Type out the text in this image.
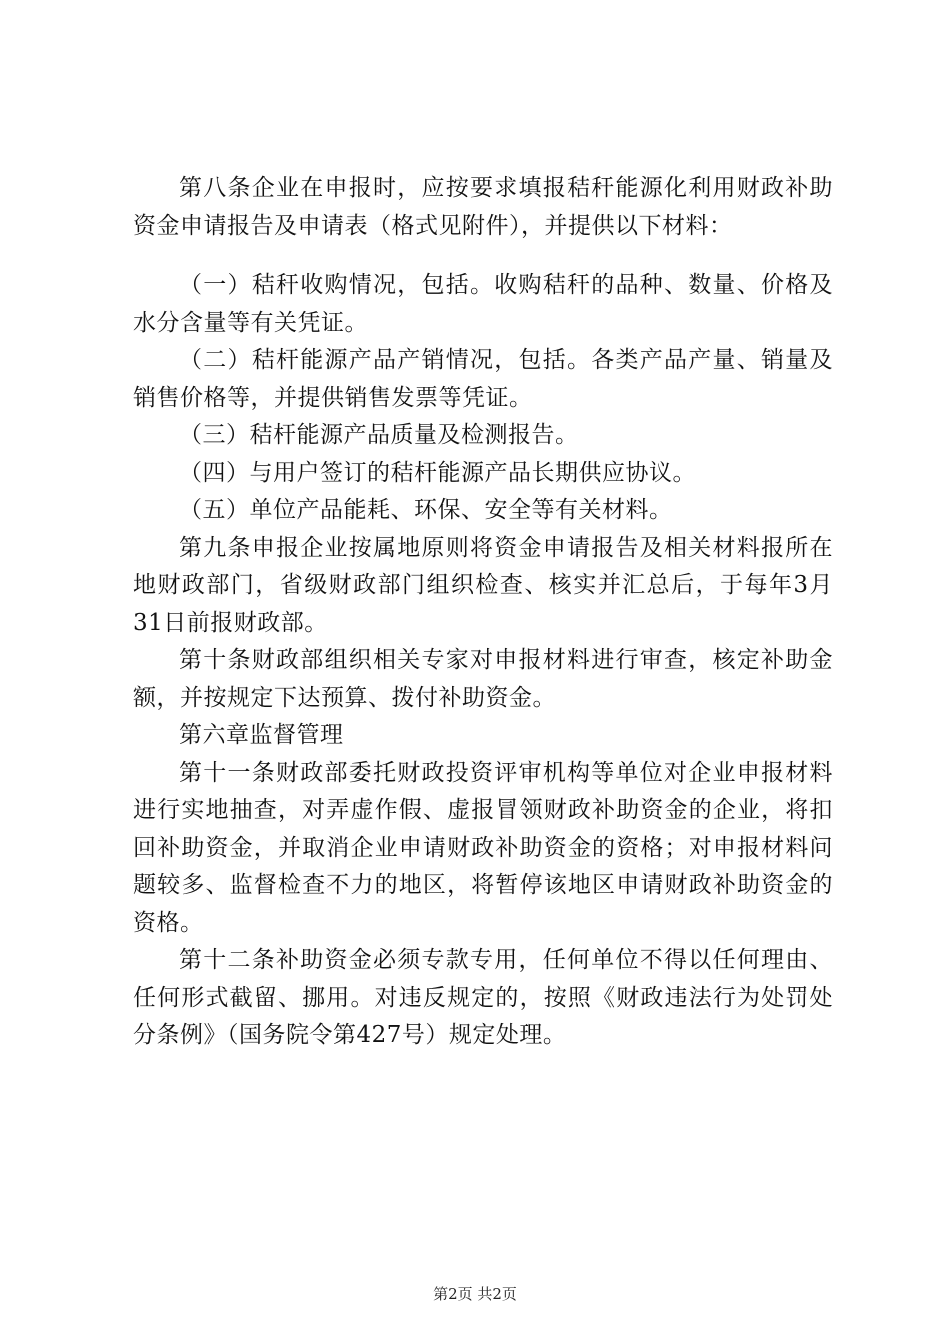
第八条企业在申报时，应按要求填报秸秆能源化利用财政补助资金申请报告及申请表（格式见附件），并提供以下材料：

（一）秸秆收购情况，包括。收购秸秆的品种、数量、价格及水分含量等有关凭证。

（二）秸杆能源产品产销情况，包括。各类产品产量、销量及销售价格等，并提供销售发票等凭证。

（三）秸杆能源产品质量及检测报告。

（四）与用户签订的秸杆能源产品长期供应协议。

（五）单位产品能耗、环保、安全等有关材料。

第九条申报企业按属地原则将资金申请报告及相关材料报所在地财政部门，省级财政部门组织检查、核实并汇总后，于每年3月31日前报财政部。

第十条财政部组织相关专家对申报材料进行审查，核定补助金额，并按规定下达预算、拨付补助资金。

第六章监督管理

第十一条财政部委托财政投资评审机构等单位对企业申报材料进行实地抽查，对弄虚作假、虚报冒领财政补助资金的企业，将扣回补助资金，并取消企业申请财政补助资金的资格；对申报材料问题较多、监督检查不力的地区，将暂停该地区申请财政补助资金的资格。

第十二条补助资金必须专款专用，任何单位不得以任何理由、任何形式截留、挪用。对违反规定的，按照《财政违法行为处罚处分条例》（国务院令第427号）规定处理。

第2页 共2页
